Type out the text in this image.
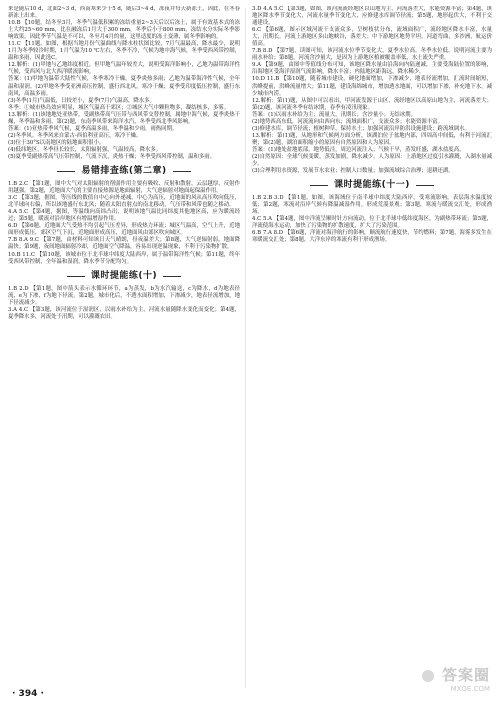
来是随后10 d，北面2~3 d，西南寒来少于5 d，随后3~4 d，冻夜并每天新冻土，因此，在冬春新冻土出来。

10.B 【10题，结冬至3月，冬季气温低积累的冻结重量2~3天后以后冻土，属于有效基本式的冻土大约25~60 mm，比在融冻后1月大于300 mm，冬季后小于800 mm，冻结水分实际冬季影响效果，因此季节气温是不可以，冬至月4月的量，这里适度的冻土变薄，属冬季影响的。

11.C 【11题，如图，根据当地月份气温曲线与降水柱状图比较，7月气温最高，降水最少，说明1月为冬季较冷时期，1月气温为10 ℃左右，冬季不冷，气候为地中海气候，冬季受西风带控制，温和多雨，因此选C。

12.解析：(1)甲地与乙地纬度相近，但甲地气温年较差大，说明受海洋影响小，乙地为温带海洋性气候，受西风与北大西洋暖流影响。

答案：(1)甲地为温带大陆性气候，冬季寒冷干燥，夏季炎热多雨；乙地为温带海洋性气候，全年温和湿润。(2)甲地冬季受亚洲高压控制，盛行西北风，寒冷干燥；夏季受印度低压控制，盛行东南风，高温多雨。

(3)冬季(1月)气温低，日较差小，夏季(7月)气温高，降水多。

冬季：①城市热岛效应明显，城区气温高于郊区；②城区大气中颗粒物多，凝结核多，多雾。

13.解析：(1)该地地处亚热带，受副热带高气压带与西风带交替控制，属地中海气候，夏季炎热干燥，冬季温和多雨。第(2)题，东南季风带来海洋水汽，冬季受西北季风影响。

答案：(1)亚热带季风气候，夏季高温多雨，冬季温和少雨，雨热同期。

(2)冬季风。冬季风来自蒙古-西伯利亚高压，寒冷干燥。

(3)位于30°S以南地区的陆地面积很小。

(4)低纬地区，冬季昼长较长，太阳辐射强，气温较高，降水多。

(5)夏季受副热带高气压带控制，气流下沉，炎热干燥；冬季受西风带控制，温和多雨。

易错排查练(第二章)

1.B 2.C 【第1题，图中大气对太阳辐射的削弱作用主要有吸收、反射和散射，云层越厚，反射作用越强。第2题，近地面大气的主要直接热源是地面辐射，大气逆辐射对地面起保温作用。

3.C 【第3题，据图，等压线的数值自中心向外递减，中心为高压，近地面的风从高压吹向低压，北半球向右偏，所以该地盛行东北风；随着太阳直射点的南北移动，气压带和风带也随之移动。

4.A 5.C 【第4题，据图，等温线向高纬凸出，说明该地气温比同纬度其他地区高，应为暖流经过；第5题，暖流对沿岸地区有增温增湿作用。

6.D 【第6题，近地面大气受热不均引起气压差异，形成热力环流；城区气温高，空气上升，近地面形成低压，郊区空气下沉，近地面形成高压，近地面风由郊区吹向城区。

7.B 8.A 9.C 【第7题，由材料可知该日天气晴朗，昼夜温差大；第8题，大气逆辐射弱，地面降温快；第9题，夜间地面辐射冷却，近地面空气降温，容易出现逆温现象，不利于污染物扩散。

10.B 11.C 【第10题，该城市位于北半球中纬度大陆西岸，属于温带海洋性气候；第11题，终年受西风带控制，全年温和湿润，降水季节分配均匀。

课时提能练(十)

1.B 2.D 【第1题，图中箭头表示水循环环节，a为蒸发，b为水汽输送，c为降水，d为地表径流，e为下渗，f为地下径流。第2题，城市化后，不透水面积增加，下渗减少，地表径流增加，地下径流减少。

3.A 4.C 【第3题，该河流位于湿润区，以雨水补给为主，河流水量随降水变化而变化；第4题，夏季降水多，河流处于汛期，可以灌溉农田。

3.D 4.A 5.C 【第3题，如图，该河流流经地区以山地为主，河流落差大，水能资源丰富；第4题，该地区降水季节变化大，河流水量季节变化大，应修建水库调节径流；第5题，地形起伏大，不利于交通建设。

6.C 【第6题，图示区域河流干支流众多，呈树枝状分布，流域面积广，流经地区降水丰富，水量大，汛期长。河流上游地区多山地峡谷，落差大；中下游地区地势平坦，河道弯曲，多沙洲，航运价值高。

7.B 8.D 【第7题，读图可知，该河流水位季节变化大，夏季水位高，冬季水位低，说明河流主要为雨水补给；第8题，河流含沙量大，是因为上游地区植被覆盖率低，水土流失严重。

9.A 【第9题，由图中等值线分布可知，该地区降水量由沿海向内陆递减，主要受海陆位置的影响，沿海地区受海洋湿润气流影响，降水丰富；内陆地区距海远，降水稀少。

10.D 11.B 【第10题，随着城市建设，硬化地面增加，下渗减少，地表径流增加，汇流时间缩短，洪峰提前，洪峰流量增大；第11题，建设海绵城市，增加透水地面，可以增加下渗，补充地下水，减少城市内涝。

12.解析：第(1)题，从图中可以看出，甲河流发源于山区，流经地区以高原山地为主，河流落差大；第(2)题，该河流冬季有结冰期，春季有凌汛现象。

答案：(1)以雨水补给为主；流量大，汛期长；含沙量小；无结冰期。

(2)地势西高东低，河流流向由西向东；流域面积广，支流众多；水能资源丰富。

(3)修建水库，调节径流；植树种草，保持水土；加强河流沿岸防洪设施建设；跨流域调水。

13.解析：第(1)题，从地形和气候两方面分析，该湖泊位于盆地内部，四周高中间低，有利于河流汇聚；第(2)题，湖泊面积缩小的原因有自然原因和人为原因。

答案：(1)地处盆地底部，地势低洼，周边河流注入；气候干旱，蒸发旺盛，湖水盐度高。

(2)自然原因：全球气候变暖，蒸发加剧，降水减少。人为原因：上游地区过度引水灌溉，入湖水量减少。

(3)合理利用水资源，发展节水农业；控制人口数量；加强流域综合治理；退耕还湖。

课时提能练(十一)

1.B 2.B 3.D 【第1题，如图，该海域位于南半球中纬度大陆西岸，受寒流影响，表层海水温度较低；第2题，寒流对沿岸气候有降温减湿作用，形成荒漠景观；第3题，寒流与暖流交汇处，形成渔场。

4.C 5.A 【第4题，图中洋流呈顺时针方向流动，位于北半球中低纬度海区，为副热带环流；第5题，洋流使海水运动，加快了污染物的扩散速度，扩大了污染范围。

6.B 7.A 8.D 【第6题，洋流对海洋航行的影响，顺流航行速度快，节约燃料；第7题，海雾多发生在寒暖流交汇处；第8题，大洋东岸的寒流有利于形成渔场。

· 394 ·
答案圈
MXQE.COM
